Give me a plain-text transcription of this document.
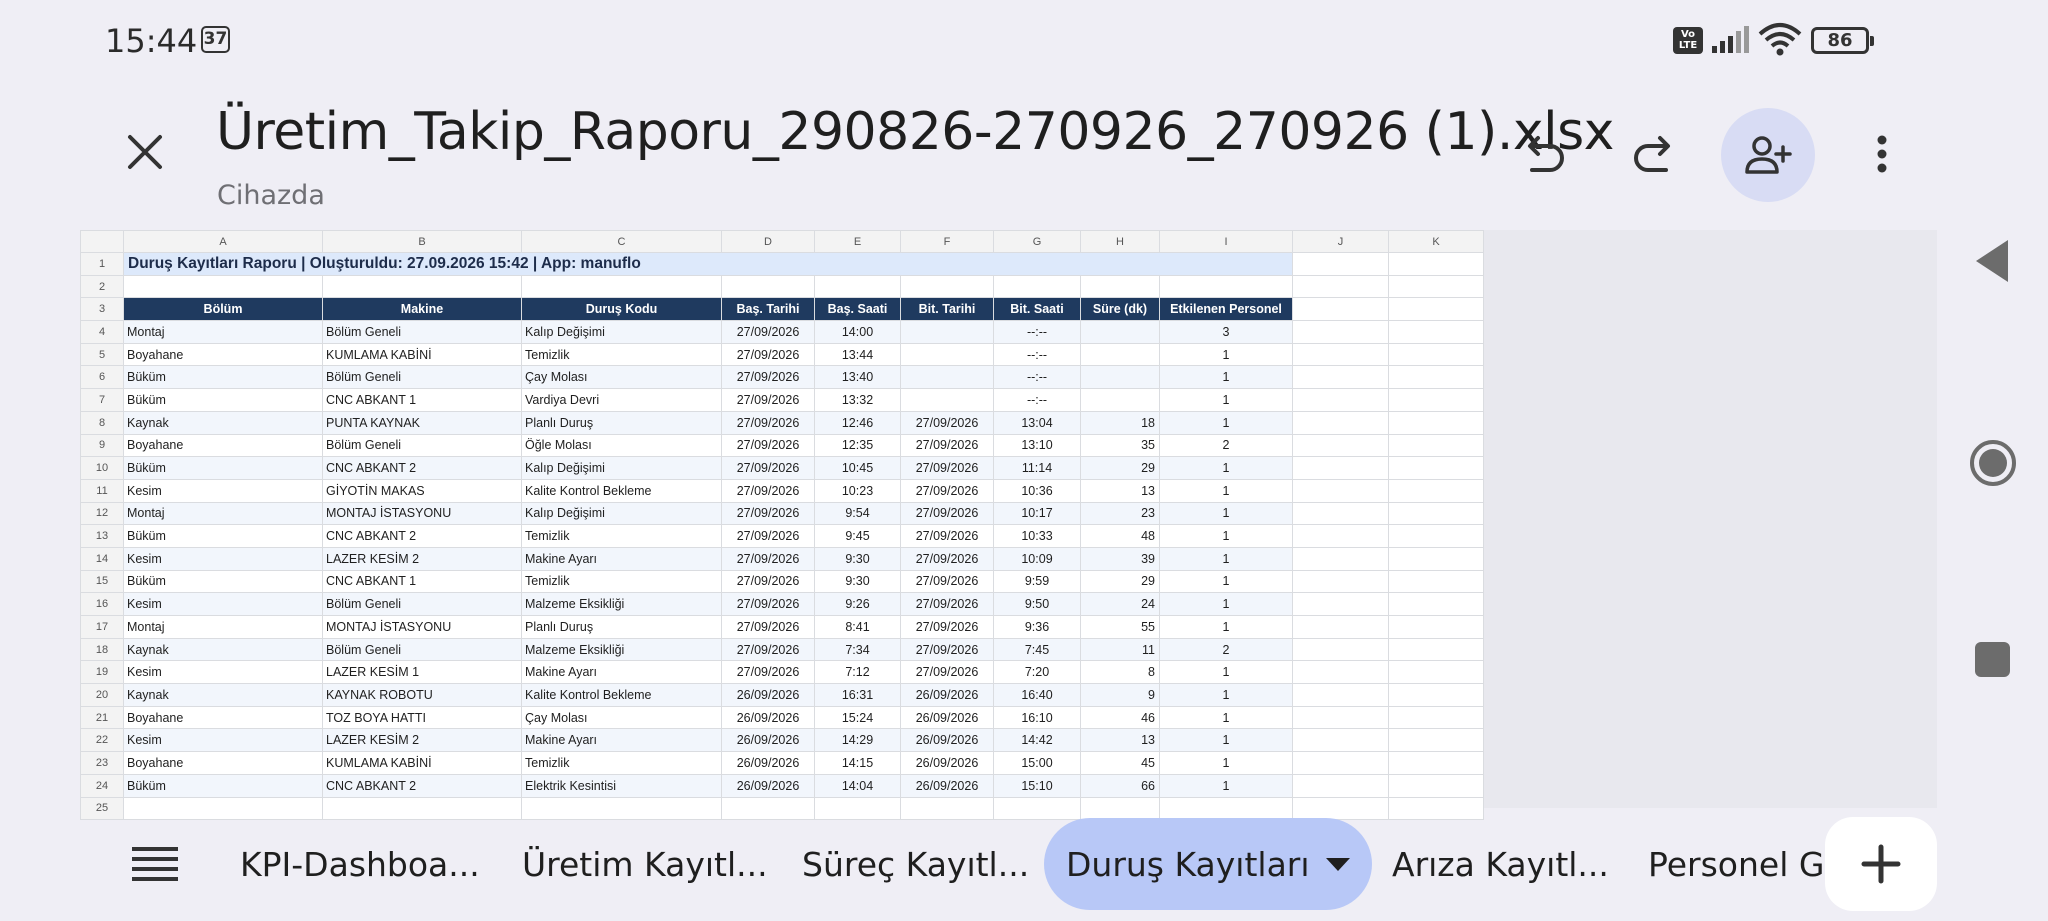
15:44 37	Vo
LTE	86
Üretim_Takip_Raporu_290826-270926_270926 (1).xlsx
Cihazda
	A	B	C	D	E	F	G	H	I	J	K
1	Duruş Kayıtları Raporu | Oluşturuldu: 27.09.2026 15:42 | App: manuflo										
2											
3	Bölüm	Makine	Duruş Kodu	Baş. Tarihi	Baş. Saati	Bit. Tarihi	Bit. Saati	Süre (dk)	Etkilenen Personel		
4	Montaj	Bölüm Geneli	Kalıp Değişimi	27/09/2026	14:00		--:--		3		
5	Boyahane	KUMLAMA KABİNİ	Temizlik	27/09/2026	13:44		--:--		1		
6	Büküm	Bölüm Geneli	Çay Molası	27/09/2026	13:40		--:--		1		
7	Büküm	CNC ABKANT 1	Vardiya Devri	27/09/2026	13:32		--:--		1		
8	Kaynak	PUNTA KAYNAK	Planlı Duruş	27/09/2026	12:46	27/09/2026	13:04	18	1		
9	Boyahane	Bölüm Geneli	Öğle Molası	27/09/2026	12:35	27/09/2026	13:10	35	2		
10	Büküm	CNC ABKANT 2	Kalıp Değişimi	27/09/2026	10:45	27/09/2026	11:14	29	1		
11	Kesim	GİYOTİN MAKAS	Kalite Kontrol Bekleme	27/09/2026	10:23	27/09/2026	10:36	13	1		
12	Montaj	MONTAJ İSTASYONU	Kalıp Değişimi	27/09/2026	9:54	27/09/2026	10:17	23	1		
13	Büküm	CNC ABKANT 2	Temizlik	27/09/2026	9:45	27/09/2026	10:33	48	1		
14	Kesim	LAZER KESİM 2	Makine Ayarı	27/09/2026	9:30	27/09/2026	10:09	39	1		
15	Büküm	CNC ABKANT 1	Temizlik	27/09/2026	9:30	27/09/2026	9:59	29	1		
16	Kesim	Bölüm Geneli	Malzeme Eksikliği	27/09/2026	9:26	27/09/2026	9:50	24	1		
17	Montaj	MONTAJ İSTASYONU	Planlı Duruş	27/09/2026	8:41	27/09/2026	9:36	55	1		
18	Kaynak	Bölüm Geneli	Malzeme Eksikliği	27/09/2026	7:34	27/09/2026	7:45	11	2		
19	Kesim	LAZER KESİM 1	Makine Ayarı	27/09/2026	7:12	27/09/2026	7:20	8	1		
20	Kaynak	KAYNAK ROBOTU	Kalite Kontrol Bekleme	26/09/2026	16:31	26/09/2026	16:40	9	1		
21	Boyahane	TOZ BOYA HATTI	Çay Molası	26/09/2026	15:24	26/09/2026	16:10	46	1		
22	Kesim	LAZER KESİM 2	Makine Ayarı	26/09/2026	14:29	26/09/2026	14:42	13	1		
23	Boyahane	KUMLAMA KABİNİ	Temizlik	26/09/2026	14:15	26/09/2026	15:00	45	1		
24	Büküm	CNC ABKANT 2	Elektrik Kesintisi	26/09/2026	14:04	26/09/2026	15:10	66	1		
25											
KPI-Dashboa... Üretim Kayıtl... Süreç Kayıtl... Duruş Kayıtları Arıza Kayıtl... Personel G
